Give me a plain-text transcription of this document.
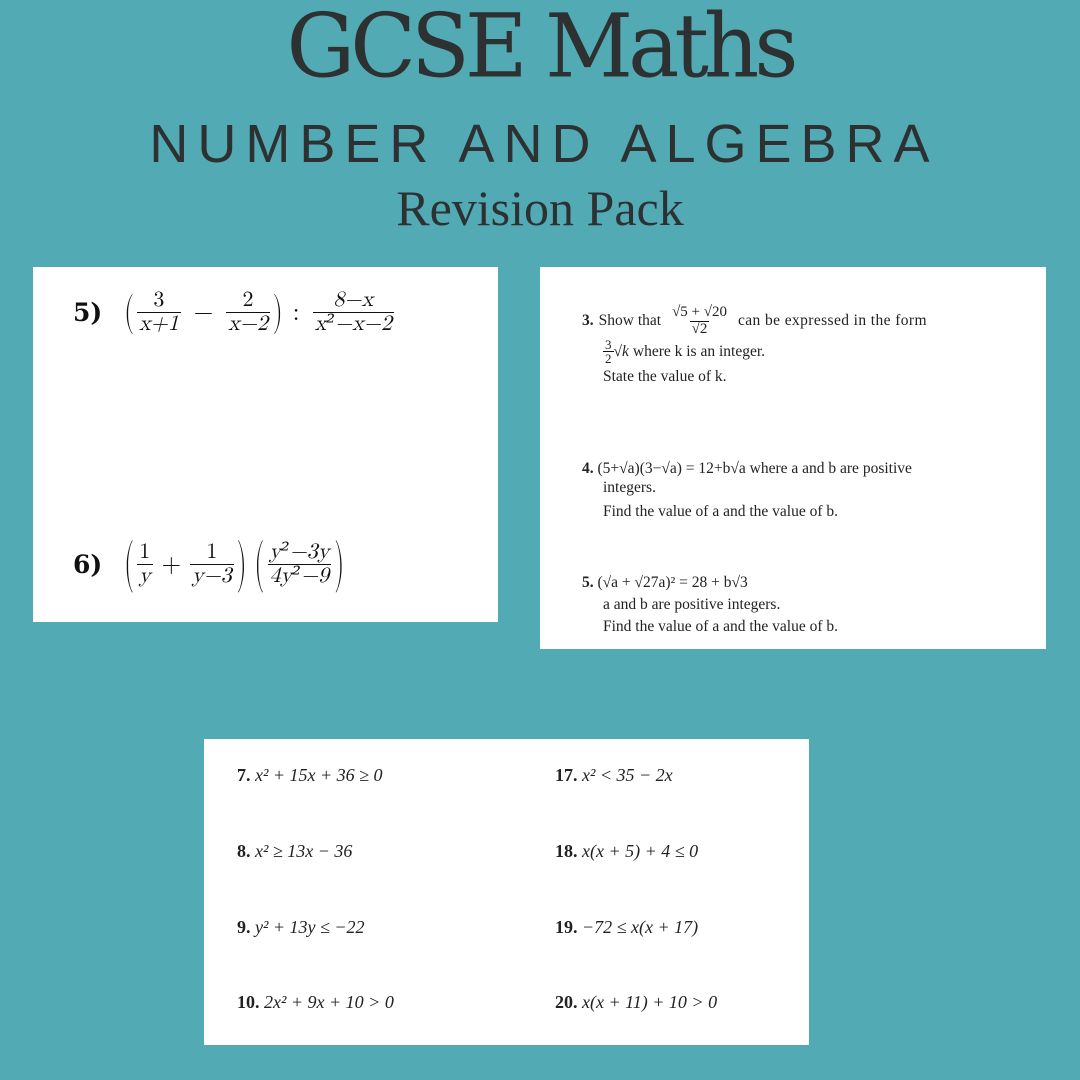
GCSE Maths
NUMBER AND ALGEBRA
Revision Pack
5) ( $\frac{3}{x+1} - \frac{2}{x-2}$ ) : $\frac{8-x}{\text{x²−x−2}}$
6) ( $\frac{1}{y} + \frac{1}{y-3}$ ) ( $\frac{\text{y²−3y}}{\text{4y²−9}}$ )
3. Show that $\frac{√5 + √20}{√2}$ can be expressed in the form
$\frac{3}{2} √k$ where k is an integer.
State the value of k.
4. (5+√a)(3−√a) = 12+b√a where a and b are positive
integers.
Find the value of a and the value of b.
5. (√a + √27a)² = 28 + b√3
a and b are positive integers.
Find the value of a and the value of b.
7. x² + 15x + 36 ≥ 0
8. x² ≥ 13x − 36
9. y² + 13y ≤ −22
10. 2x² + 9x + 10 > 0
17. x² < 35 − 2x
18. x(x + 5) + 4 ≤ 0
19. −72 ≤ x(x + 17)
20. x(x + 11) + 10 > 0
